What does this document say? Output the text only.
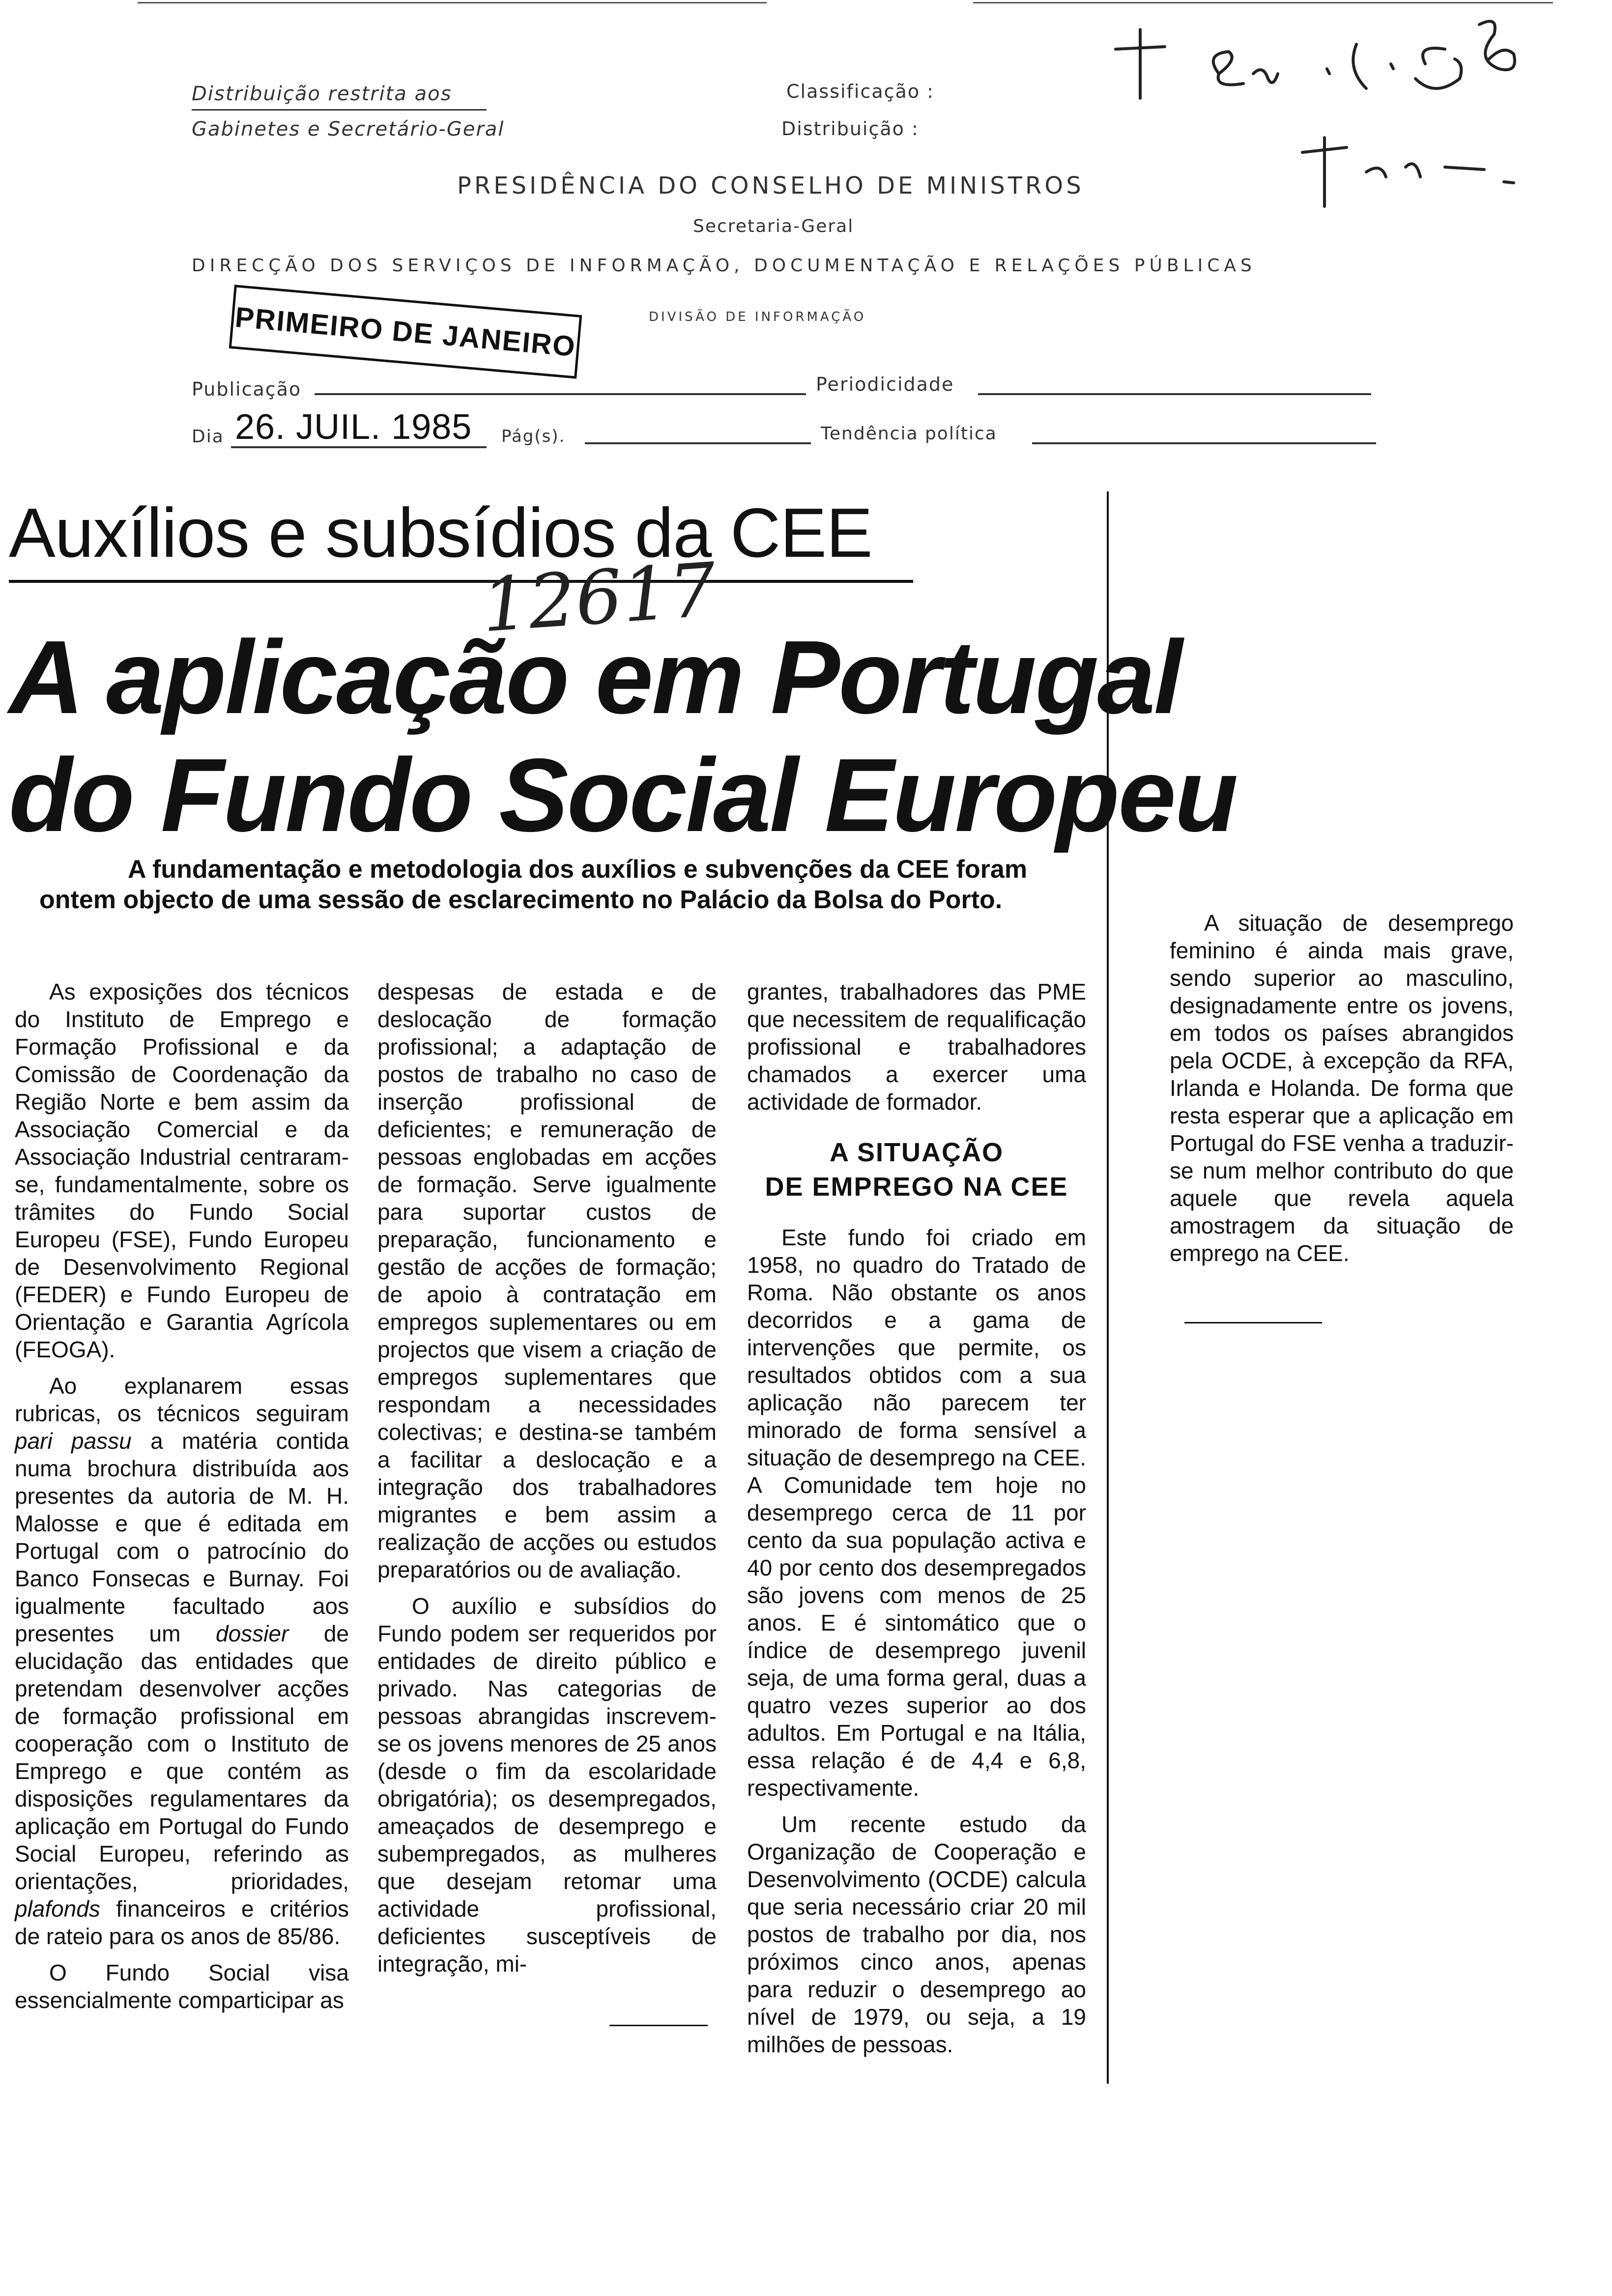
Distribuição restrita aos
Gabinetes e Secretário-Geral
Classificação :
Distribuição :
PRESIDÊNCIA DO CONSELHO DE MINISTROS
Secretaria-Geral
DIRECÇÃO DOS SERVIÇOS DE INFORMAÇÃO, DOCUMENTAÇÃO E RELAÇÕES PÚBLICAS
DIVISÃO DE INFORMAÇÃO
PRIMEIRO DE JANEIRO
Publicação	Periodicidade
Dia 26. JUIL. 1985 Pág(s).	Tendência política
Auxílios e subsídios da CEE
12617
A aplicação em Portugal
do Fundo Social Europeu
A fundamentação e metodologia dos auxílios e subvenções da CEE foram ontem objecto de uma sessão de esclarecimento no Palácio da Bolsa do Porto.

As exposições dos técnicos do Instituto de Emprego e Formação Profissional e da Comissão de Coordenação da Região Norte e bem assim da Associação Comercial e da Associação Industrial centraram-se, fundamentalmente, sobre os trâmites do Fundo Social Europeu (FSE), Fundo Europeu de Desenvolvimento Regional (FEDER) e Fundo Europeu de Orientação e Garantia Agrícola (FEOGA).

Ao explanarem essas rubricas, os técnicos seguiram pari passu a matéria contida numa brochura distribuída aos presentes da autoria de M. H. Malosse e que é editada em Portugal com o patrocínio do Banco Fonsecas e Burnay. Foi igualmente facultado aos presentes um dossier de elucidação das entidades que pretendam desenvolver acções de formação profissional em cooperação com o Instituto de Emprego e que contém as disposições regulamentares da aplicação em Portugal do Fundo Social Europeu, referindo as orientações, prioridades, plafonds financeiros e critérios de rateio para os anos de 85/86.

O Fundo Social visa essencialmente comparticipar as

despesas de estada e de deslocação de formação profissional; a adaptação de postos de trabalho no caso de inserção profissional de deficientes; e remuneração de pessoas englobadas em acções de formação. Serve igualmente para suportar custos de preparação, funcionamento e gestão de acções de formação; de apoio à contratação em empregos suplementares ou em projectos que visem a criação de empregos suplementares que respondam a necessidades colectivas; e destina-se também a facilitar a deslocação e a integração dos trabalhadores migrantes e bem assim a realização de acções ou estudos preparatórios ou de avaliação.

O auxílio e subsídios do Fundo podem ser requeridos por entidades de direito público e privado. Nas categorias de pessoas abrangidas inscrevem-se os jovens menores de 25 anos (desde o fim da escolaridade obrigatória); os desempregados, ameaçados de desemprego e subempregados, as mulheres que desejam retomar uma actividade profissional, deficientes susceptíveis de integração, mi-

grantes, trabalhadores das PME que necessitem de requalificação profissional e trabalhadores chamados a exercer uma actividade de formador.

A SITUAÇÃO
DE EMPREGO NA CEE

Este fundo foi criado em 1958, no quadro do Tratado de Roma. Não obstante os anos decorridos e a gama de intervenções que permite, os resultados obtidos com a sua aplicação não parecem ter minorado de forma sensível a situação de desemprego na CEE. A Comunidade tem hoje no desemprego cerca de 11 por cento da sua população activa e 40 por cento dos desempregados são jovens com menos de 25 anos. E é sintomático que o índice de desemprego juvenil seja, de uma forma geral, duas a quatro vezes superior ao dos adultos. Em Portugal e na Itália, essa relação é de 4,4 e 6,8, respectivamente.

Um recente estudo da Organização de Cooperação e Desenvolvimento (OCDE) calcula que seria necessário criar 20 mil postos de trabalho por dia, nos próximos cinco anos, apenas para reduzir o desemprego ao nível de 1979, ou seja, a 19 milhões de pessoas.

A situação de desemprego feminino é ainda mais grave, sendo superior ao masculino, designadamente entre os jovens, em todos os países abrangidos pela OCDE, à excepção da RFA, Irlanda e Holanda. De forma que resta esperar que a aplicação em Portugal do FSE venha a traduzir-se num melhor contributo do que aquele que revela aquela amostragem da situação de emprego na CEE.
